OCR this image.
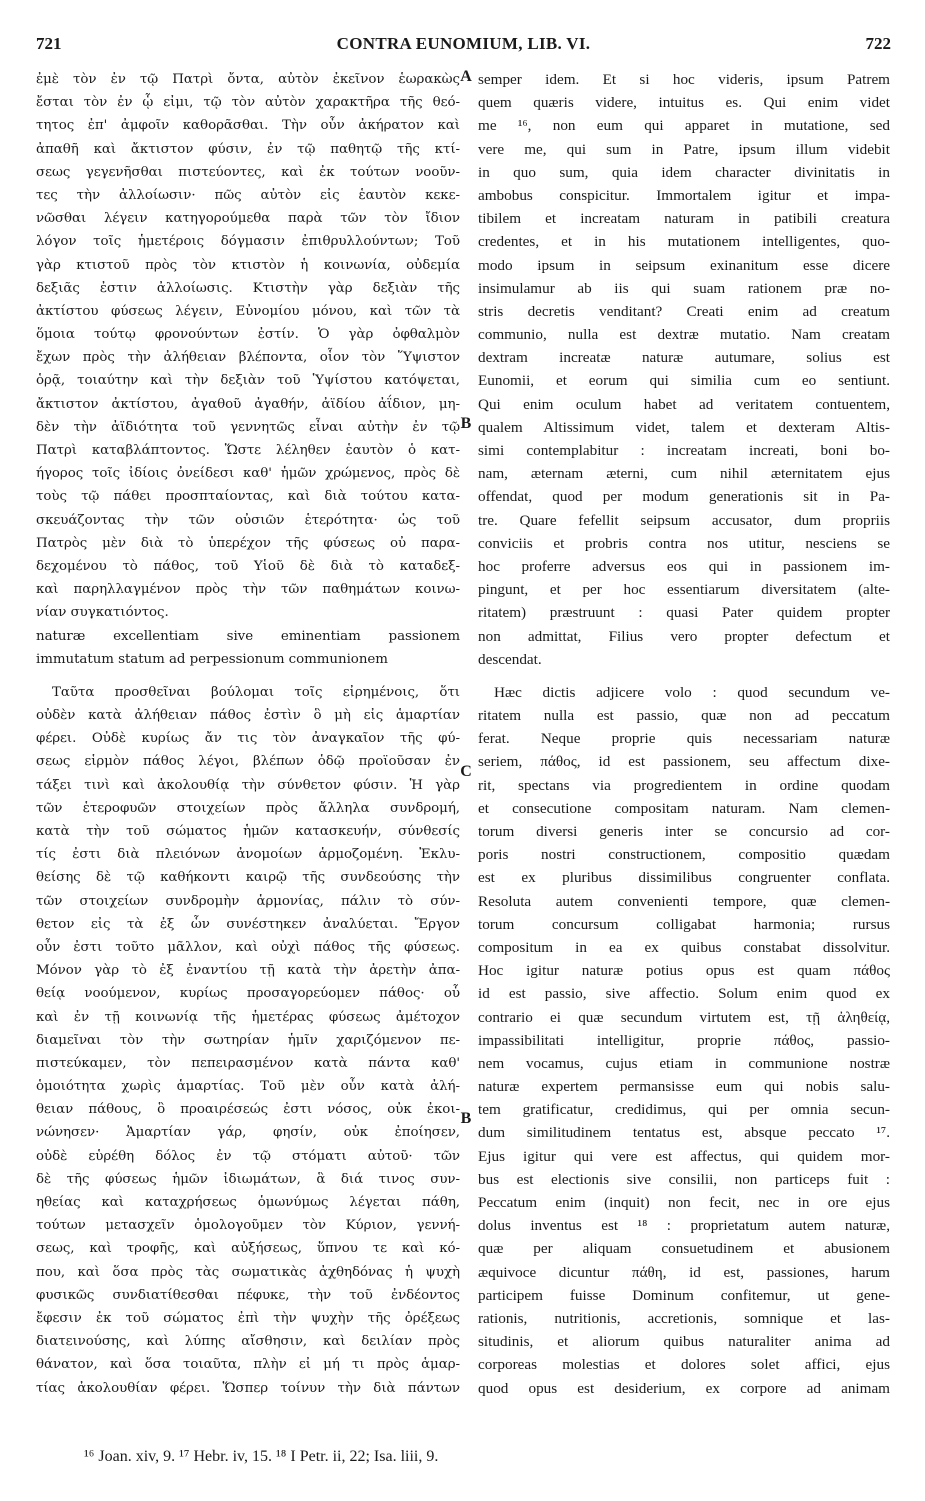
721	CONTRA EUNOMIUM, LIB. VI.	722
ἐμὲ τὸν ἐν τῷ Πατρὶ ὄντα, αὐτὸν ἐκεῖνον ἑωρακὼς
ἔσται τὸν ἐν ᾧ εἰμι, τῷ τὸν αὐτὸν χαρακτῆρα τῆς θεό-
τητος ἐπ' ἀμφοῖν καθορᾶσθαι. Τὴν οὖν ἀκήρατον καὶ
ἀπαθῆ καὶ ἄκτιστον φύσιν, ἐν τῷ παθητῷ τῆς κτί-
σεως γεγενῆσθαι πιστεύοντες, καὶ ἐκ τούτων νοοῦν-
τες τὴν ἀλλοίωσιν· πῶς αὐτὸν εἰς ἑαυτὸν κεκε-
νῶσθαι λέγειν κατηγορούμεθα παρὰ τῶν τὸν ἴδιον
λόγον τοῖς ἡμετέροις δόγμασιν ἐπιθρυλλούντων; Τοῦ
γὰρ κτιστοῦ πρὸς τὸν κτιστὸν ἡ κοινωνία, οὐδεμία
δεξιᾶς ἐστιν ἀλλοίωσις. Κτιστὴν γὰρ δεξιὰν τῆς
ἀκτίστου φύσεως λέγειν, Εὐνομίου μόνου, καὶ τῶν τὰ
ὅμοια τούτῳ φρονούντων ἐστίν. Ὁ γὰρ ὀφθαλμὸν
ἔχων πρὸς τὴν ἀλήθειαν βλέποντα, οἷον τὸν Ὕψιστον
ὁρᾷ, τοιαύτην καὶ τὴν δεξιὰν τοῦ Ὑψίστου κατόψεται,
ἄκτιστον ἀκτίστου, ἀγαθοῦ ἀγαθήν, ἀϊδίου ἀΐδιον, μη-
δὲν τὴν ἀϊδιότητα τοῦ γεννητῶς εἶναι αὐτὴν ἐν τῷ
Πατρὶ καταβλάπτοντος. Ὥστε λέληθεν ἑαυτὸν ὁ κατ-
ήγορος τοῖς ἰδίοις ὀνείδεσι καθ' ἡμῶν χρώμενος, πρὸς δὲ
τοὺς τῷ πάθει προσπταίοντας, καὶ διὰ τούτου κατα-
σκευάζοντας τὴν τῶν οὐσιῶν ἑτερότητα· ὡς τοῦ
Πατρὸς μὲν διὰ τὸ ὑπερέχον τῆς φύσεως οὐ παρα-
δεχομένου τὸ πάθος, τοῦ Υἱοῦ δὲ διὰ τὸ καταδεξ-
καὶ παρηλλαγμένον πρὸς τὴν τῶν παθημάτων κοινω-
νίαν συγκατιόντος.
naturæ excellentiam sive eminentiam passionem
immutatum statum ad perpessionum communionem
Ταῦτα προσθεῖναι βούλομαι τοῖς εἰρημένοις, ὅτι
οὐδὲν κατὰ ἀλήθειαν πάθος ἐστὶν ὃ μὴ εἰς ἁμαρτίαν
φέρει. Οὐδὲ κυρίως ἄν τις τὸν ἀναγκαῖον τῆς φύ-
σεως εἱρμὸν πάθος λέγοι, βλέπων ὁδῷ προϊοῦσαν ἐν
τάξει τινὶ καὶ ἀκολουθίᾳ τὴν σύνθετον φύσιν. Ἡ γὰρ
τῶν ἑτεροφυῶν στοιχείων πρὸς ἄλληλα συνδρομή,
κατὰ τὴν τοῦ σώματος ἡμῶν κατασκευήν, σύνθεσίς
τίς ἐστι διὰ πλειόνων ἀνομοίων ἁρμοζομένη. Ἐκλυ-
θείσης δὲ τῷ καθήκοντι καιρῷ τῆς συνδεούσης τὴν
τῶν στοιχείων συνδρομὴν ἁρμονίας, πάλιν τὸ σύν-
θετον εἰς τὰ ἐξ ὧν συνέστηκεν ἀναλύεται. Ἔργον
οὖν ἐστι τοῦτο μᾶλλον, καὶ οὐχὶ πάθος τῆς φύσεως.
Μόνον γὰρ τὸ ἐξ ἐναντίου τῇ κατὰ τὴν ἀρετὴν ἀπα-
θείᾳ νοούμενον, κυρίως προσαγορεύομεν πάθος· οὗ
καὶ ἐν τῇ κοινωνίᾳ τῆς ἡμετέρας φύσεως ἀμέτοχον
διαμεῖναι τὸν τὴν σωτηρίαν ἡμῖν χαριζόμενον πε-
πιστεύκαμεν, τὸν πεπειρασμένον κατὰ πάντα καθ'
ὁμοιότητα χωρὶς ἁμαρτίας. Τοῦ μὲν οὖν κατὰ ἀλή-
θειαν πάθους, ὃ προαιρέσεώς ἐστι νόσος, οὐκ ἐκοι-
νώνησεν· Ἁμαρτίαν γάρ, φησίν, οὐκ ἐποίησεν,
οὐδὲ εὑρέθη δόλος ἐν τῷ στόματι αὐτοῦ· τῶν
δὲ τῆς φύσεως ἡμῶν ἰδιωμάτων, ἃ διά τινος συν-
ηθείας καὶ καταχρήσεως ὁμωνύμως λέγεται πάθη,
τούτων μετασχεῖν ὁμολογοῦμεν τὸν Κύριον, γεννή-
σεως, καὶ τροφῆς, καὶ αὐξήσεως, ὕπνου τε καὶ κό-
που, καὶ ὅσα πρὸς τὰς σωματικὰς ἀχθηδόνας ἡ ψυχὴ
φυσικῶς συνδιατίθεσθαι πέφυκε, τὴν τοῦ ἐνδέοντος
ἔφεσιν ἐκ τοῦ σώματος ἐπὶ τὴν ψυχὴν τῆς ὀρέξεως
διατεινούσης, καὶ λύπης αἴσθησιν, καὶ δειλίαν πρὸς
θάνατον, καὶ ὅσα τοιαῦτα, πλὴν εἰ μή τι πρὸς ἁμαρ-
τίας ἀκολουθίαν φέρει. Ὥσπερ τοίνυν τὴν διὰ πάντων
semper idem. Et si hoc videris, ipsum Patrem
quem quæris videre, intuitus es. Qui enim videt
me ¹⁶, non eum qui apparet in mutatione, sed
vere me, qui sum in Patre, ipsum illum videbit
in quo sum, quia idem character divinitatis in
ambobus conspicitur. Immortalem igitur et impa-
tibilem et increatam naturam in patibili creatura
credentes, et in his mutationem intelligentes, quo-
modo ipsum in seipsum exinanitum esse dicere
insimulamur ab iis qui suam rationem præ no-
stris decretis venditant? Creati enim ad creatum
communio, nulla est dextræ mutatio. Nam creatam
dextram increatæ naturæ autumare, solius est
Eunomii, et eorum qui similia cum eo sentiunt.
Qui enim oculum habet ad veritatem contuentem,
qualem Altissimum videt, talem et dexteram Altis-
simi contemplabitur : increatam increati, boni bo-
nam, æternam æterni, cum nihil æternitatem ejus
offendat, quod per modum generationis sit in Pa-
tre. Quare fefellit seipsum accusator, dum propriis
conviciis et probris contra nos utitur, nesciens se
hoc proferre adversus eos qui in passionem im-
pingunt, et per hoc essentiarum diversitatem (alte-
ritatem) præstruunt : quasi Pater quidem propter
non admittat, Filius vero propter defectum et
descendat.
Hæc dictis adjicere volo : quod secundum ve-
ritatem nulla est passio, quæ non ad peccatum
ferat. Neque proprie quis necessariam naturæ
seriem, πάθος, id est passionem, seu affectum dixe-
rit, spectans via progredientem in ordine quodam
et consecutione compositam naturam. Nam clemen-
torum diversi generis inter se concursio ad cor-
poris nostri constructionem, compositio quædam
est ex pluribus dissimilibus congruenter conflata.
Resoluta autem convenienti tempore, quæ clemen-
torum concursum colligabat harmonia; rursus
compositum in ea ex quibus constabat dissolvitur.
Hoc igitur naturæ potius opus est quam πάθος
id est passio, sive affectio. Solum enim quod ex
contrario ei quæ secundum virtutem est, τῇ ἀληθείᾳ,
impassibilitati intelligitur, proprie πάθος, passio-
nem vocamus, cujus etiam in communione nostræ
naturæ expertem permansisse eum qui nobis salu-
tem gratificatur, credidimus, qui per omnia secun-
dum similitudinem tentatus est, absque peccato ¹⁷.
Ejus igitur qui vere est affectus, qui quidem mor-
bus est electionis sive consilii, non particeps fuit :
Peccatum enim (inquit) non fecit, nec in ore ejus
dolus inventus est ¹⁸ : proprietatum autem naturæ,
quæ per aliquam consuetudinem et abusionem
æquivoce dicuntur πάθη, id est, passiones, harum
participem fuisse Dominum confitemur, ut gene-
rationis, nutritionis, accretionis, somnique et las-
situdinis, et aliorum quibus naturaliter anima ad
corporeas molestias et dolores solet affici, ejus
quod opus est desiderium, ex corpore ad animam
A
B
C
B
¹⁶ Joan. xiv, 9. ¹⁷ Hebr. iv, 15. ¹⁸ I Petr. ii, 22; Isa. liii, 9.
